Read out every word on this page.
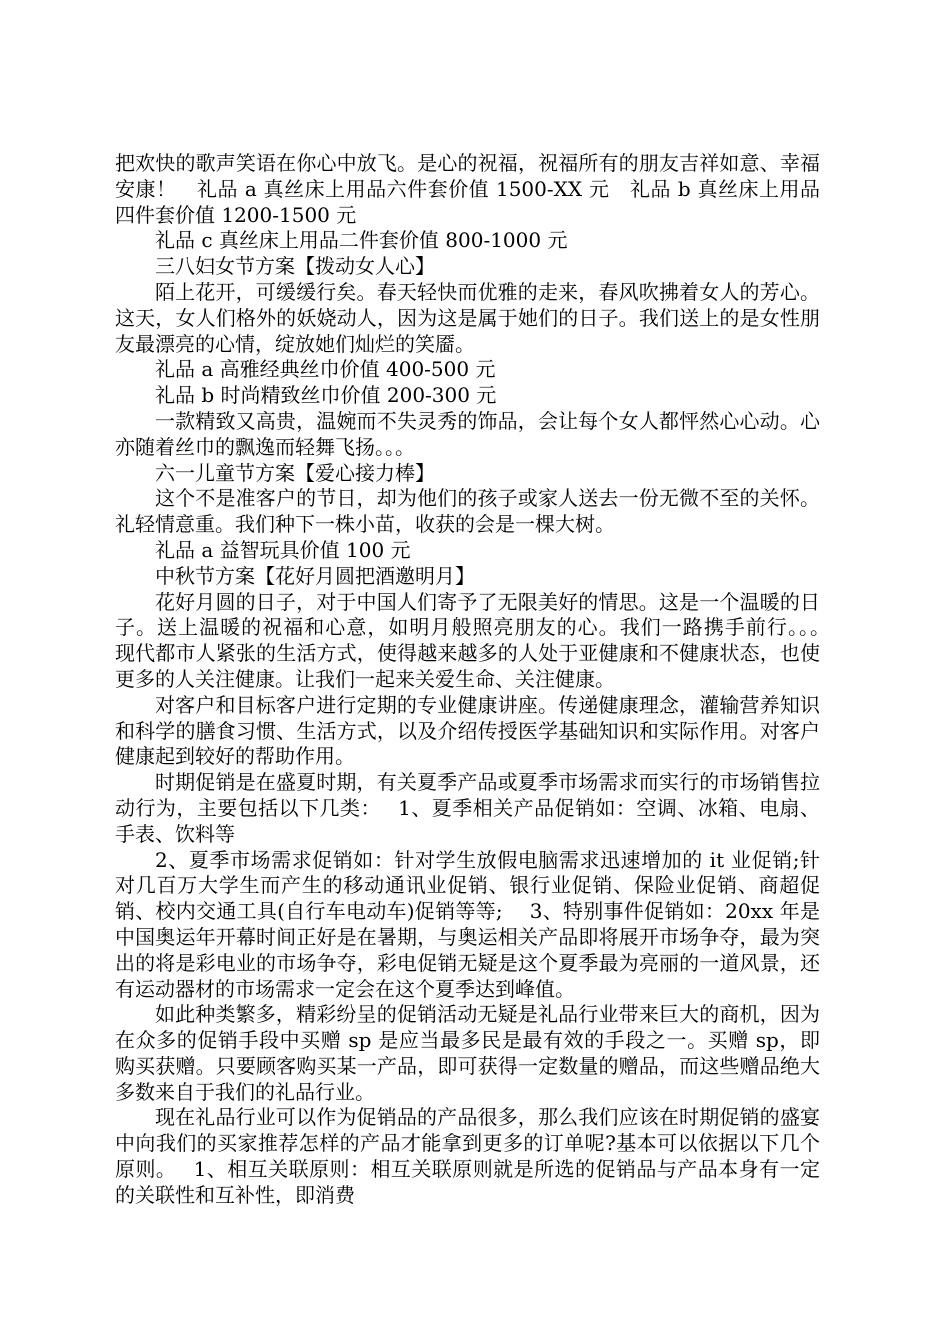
把欢快的歌声笑语在你心中放飞。是心的祝福，祝福所有的朋友吉祥如意、幸福安康！　礼品 a 真丝床上用品六件套价值 1500-XX 元　礼品 b 真丝床上用品四件套价值 1200-1500 元

礼品 c 真丝床上用品二件套价值 800-1000 元

三八妇女节方案【拨动女人心】

陌上花开，可缓缓行矣。春天轻快而优雅的走来，春风吹拂着女人的芳心。这天，女人们格外的妖娆动人，因为这是属于她们的日子。我们送上的是女性朋友最漂亮的心情，绽放她们灿烂的笑靥。

礼品 a 高雅经典丝巾价值 400-500 元

礼品 b 时尚精致丝巾价值 200-300 元

一款精致又高贵，温婉而不失灵秀的饰品，会让每个女人都怦然心心动。心亦随着丝巾的飘逸而轻舞飞扬。。。

六一儿童节方案【爱心接力棒】

这个不是准客户的节日，却为他们的孩子或家人送去一份无微不至的关怀。礼轻情意重。我们种下一株小苗，收获的会是一棵大树。

礼品 a 益智玩具价值 100 元

中秋节方案【花好月圆把酒邀明月】

花好月圆的日子，对于中国人们寄予了无限美好的情思。这是一个温暖的日子。送上温暖的祝福和心意，如明月般照亮朋友的心。我们一路携手前行。。。　 现代都市人紧张的生活方式，使得越来越多的人处于亚健康和不健康状态，也使更多的人关注健康。让我们一起来关爱生命、关注健康。

对客户和目标客户进行定期的专业健康讲座。传递健康理念，灌输营养知识和科学的膳食习惯、生活方式，以及介绍传授医学基础知识和实际作用。对客户健康起到较好的帮助作用。

时期促销是在盛夏时期，有关夏季产品或夏季市场需求而实行的市场销售拉动行为，主要包括以下几类：　 1、夏季相关产品促销如：空调、冰箱、电扇、手表、饮料等

2、夏季市场需求促销如：针对学生放假电脑需求迅速增加的 it 业促销;针对几百万大学生而产生的移动通讯业促销、银行业促销、保险业促销、商超促销、校内交通工具(自行车电动车)促销等等;　 3、特别事件促销如：20xx 年是中国奥运年开幕时间正好是在暑期，与奥运相关产品即将展开市场争夺，最为突出的将是彩电业的市场争夺，彩电促销无疑是这个夏季最为亮丽的一道风景，还有运动器材的市场需求一定会在这个夏季达到峰值。

如此种类繁多，精彩纷呈的促销活动无疑是礼品行业带来巨大的商机，因为在众多的促销手段中买赠 sp 是应当最多民是最有效的手段之一。买赠 sp，即购买获赠。只要顾客购买某一产品，即可获得一定数量的赠品，而这些赠品绝大多数来自于我们的礼品行业。

现在礼品行业可以作为促销品的产品很多，那么我们应该在时期促销的盛宴中向我们的买家推荐怎样的产品才能拿到更多的订单呢?基本可以依据以下几个原则。　 1、相互关联原则：相互关联原则就是所选的促销品与产品本身有一定的关联性和互补性，即消费
